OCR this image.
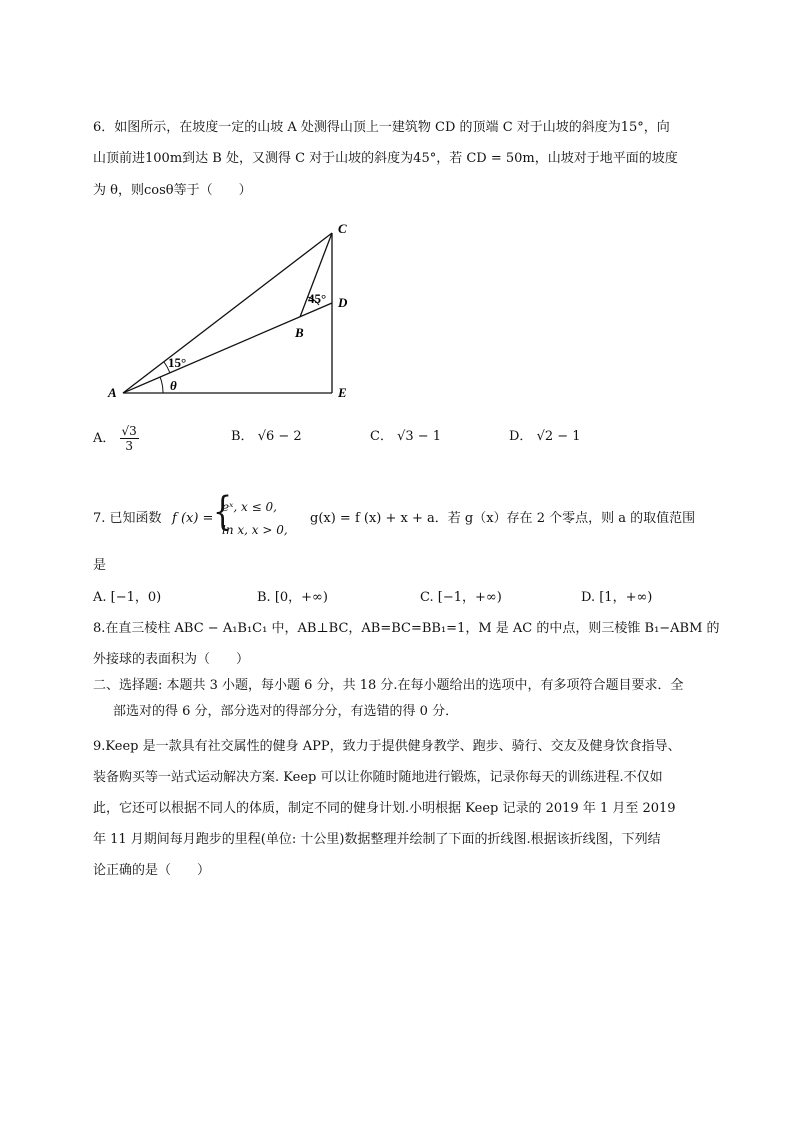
6．如图所示，在坡度一定的山坡 A 处测得山顶上一建筑物 CD 的顶端 C 对于山坡的斜度为15°，向
山顶前进100m到达 B 处，又测得 C 对于山坡的斜度为45°，若 CD = 50m，山坡对于地平面的坡度
为 θ，则cosθ等于（　　）
C
D
B
A	E
15°
45°
θ
A． $\frac{√3}{3}$	B． √6 − 2	C． √3 − 1	D． √2 − 1
7. 已知函数 f (x) = {
eˣ, x ≤ 0,
ln x, x > 0,
g(x) = f (x) + x + a．若 g（x）存在 2 个零点，则 a 的取值范围
是
A. [−1，0)	B. [0，+∞)	C. [−1，+∞)	D. [1，+∞)
8.在直三棱柱 ABC − A₁B₁C₁ 中，AB⊥BC，AB=BC=BB₁=1，M 是 AC 的中点，则三棱锥 B₁−ABM 的
外接球的表面积为（　　）
二、选择题: 本题共 3 小题，每小题 6 分，共 18 分.在每小题给出的选项中，有多项符合题目要求．全
部选对的得 6 分，部分选对的得部分分，有选错的得 0 分．
9.Keep 是一款具有社交属性的健身 APP，致力于提供健身教学、跑步、骑行、交友及健身饮食指导、
装备购买等一站式运动解决方案. Keep 可以让你随时随地进行锻炼，记录你每天的训练进程.不仅如
此，它还可以根据不同人的体质，制定不同的健身计划.小明根据 Keep 记录的 2019 年 1 月至 2019
年 11 月期间每月跑步的里程(单位: 十公里)数据整理并绘制了下面的折线图.根据该折线图，下列结
论正确的是（　　）
